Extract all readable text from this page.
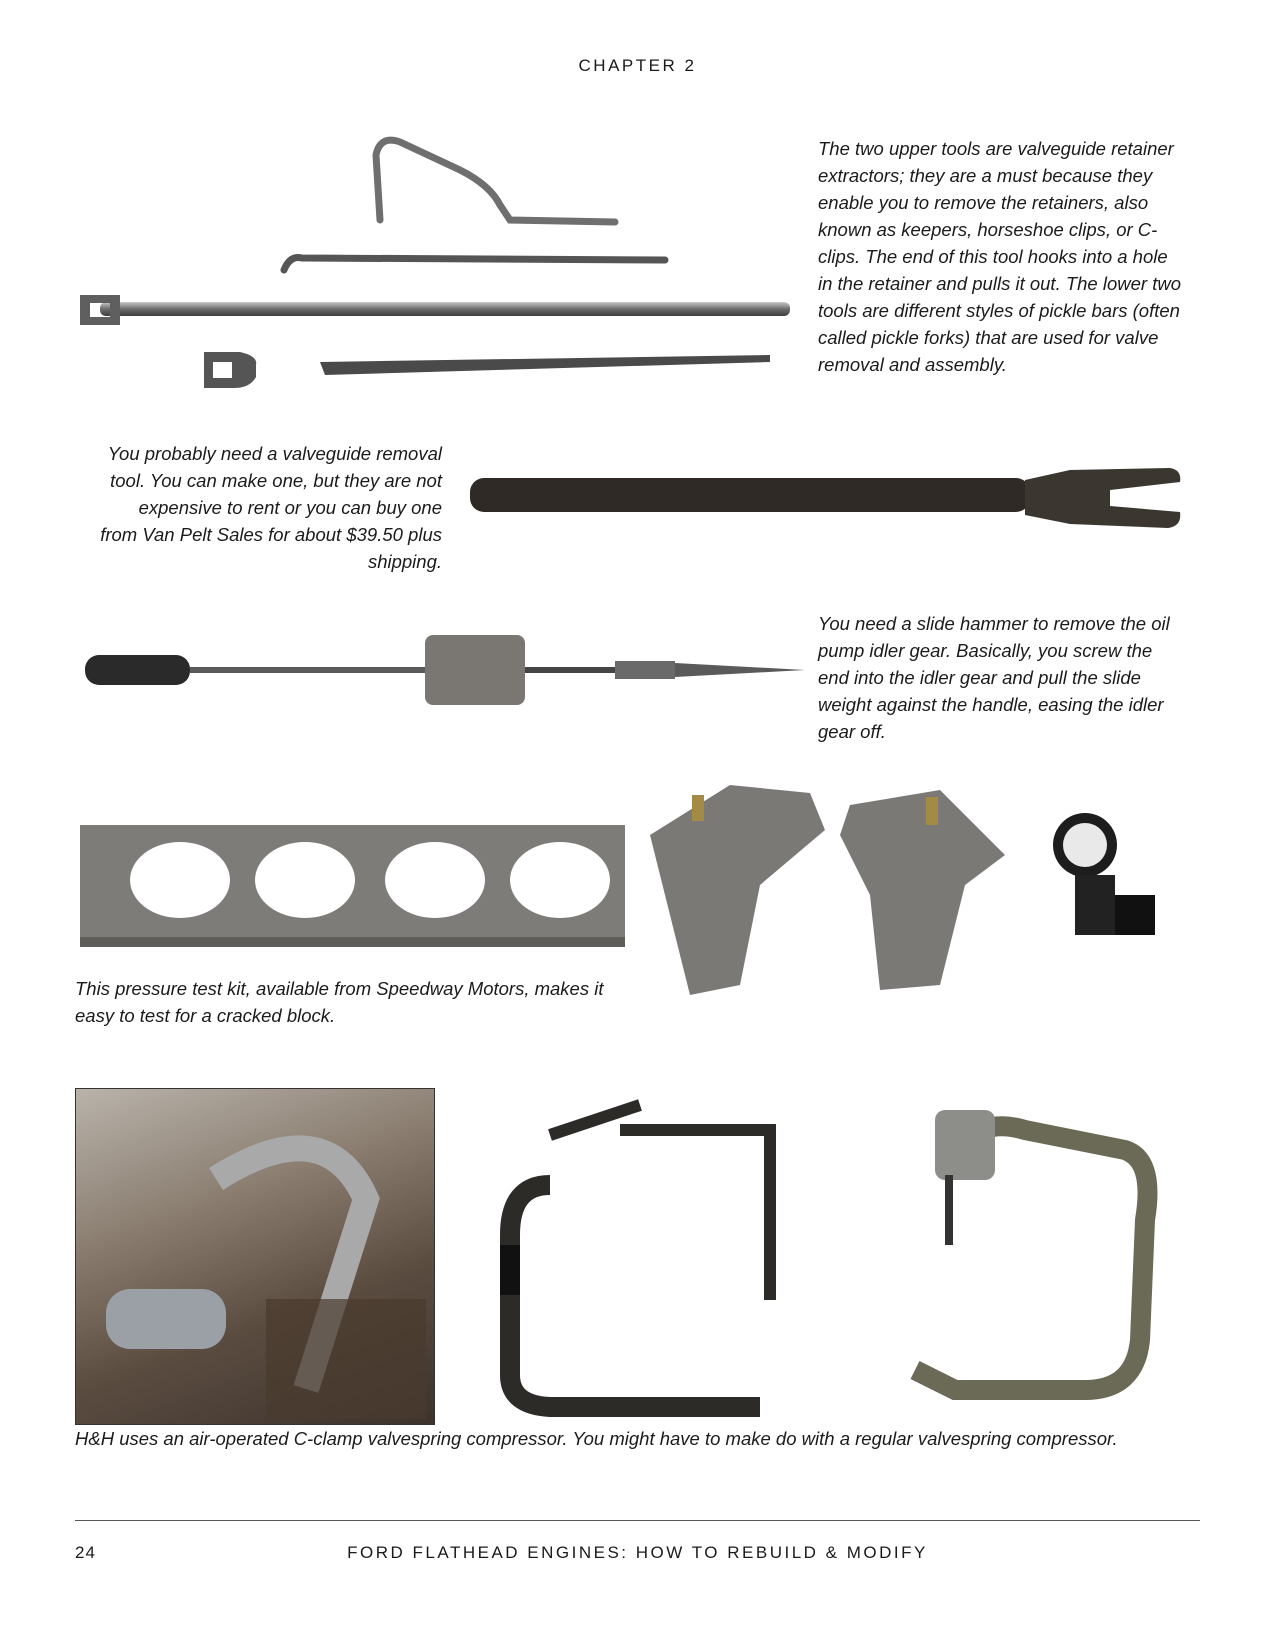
CHAPTER 2
The two upper tools are valveguide retainer extractors; they are a must because they enable you to remove the retainers, also known as keepers, horseshoe clips, or C-clips. The end of this tool hooks into a hole in the retainer and pulls it out. The lower two tools are different styles of pickle bars (often called pickle forks) that are used for valve removal and assembly.
You probably need a valveguide removal tool. You can make one, but they are not expensive to rent or you can buy one from Van Pelt Sales for about $39.50 plus shipping.
You need a slide hammer to remove the oil pump idler gear. Basically, you screw the end into the idler gear and pull the slide weight against the handle, easing the idler gear off.
This pressure test kit, available from Speedway Motors, makes it easy to test for a cracked block.
H&H uses an air-operated C-clamp valvespring compressor. You might have to make do with a regular valvespring compressor.
24	FORD FLATHEAD ENGINES: HOW TO REBUILD & MODIFY
